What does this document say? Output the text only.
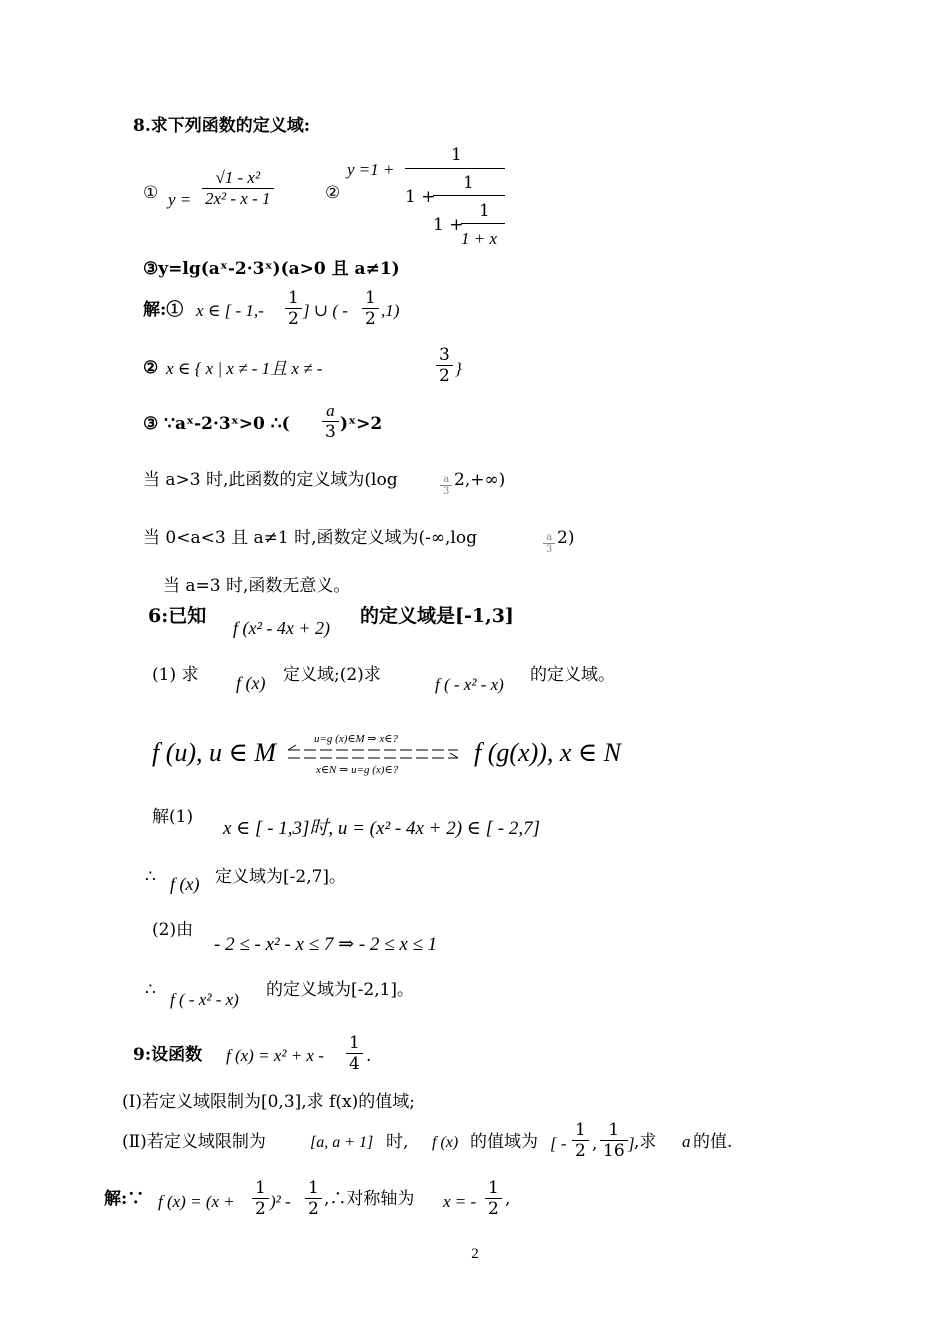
8.求下列函数的定义域:
① $y = \frac{\text{√1 - x²}}{\text{2x² - x - 1}}$	②
y =1 +
1
1 +
1
1 +
1
1 + x
③y=lg(aˣ-2·3ˣ)(a>0 且 a≠1)
解:① x ∈ [ - $1,- \frac{1}{2}$ ] ∪ ( - $\frac{1}{2} ,1$)
② x ∈ { x | x ≠ - 1且 x ≠ -	$\frac{3}{2}$ }
③ ∵aˣ-2·3ˣ>0 ∴( $\frac{a}{3}$ )ˣ>2
当 a>3 时,此函数的定义域为(log	$\frac{a}{3} 2,+\infty$)
当 0<a<3 且 a≠1 时,函数定义域为(-∞,log	$\frac{a}{3} 2$)
当 a=3 时,函数无意义。
6:已知
f (x² - 4x + 2)
的定义域是[-1,3]
(1) 求 f (x) 定义域;(2)求	f ( - x² - x) 的定义域。
f (u), u ∈ M	u=g (x)∈M ⇒ x∈?
x∈N ⇒ u=g (x)∈?
f (g(x)), x ∈ N
解(1)
x ∈ [ - 1,3]时, u = (x² - 4x + 2) ∈ [ - 2,7]
∴ f (x) 定义域为[-2,7]。
(2)由
- 2 ≤ - x² - x ≤ 7 ⇒ - 2 ≤ x ≤ 1
∴ f ( - x² - x) 的定义域为[-2,1]。
9:设函数 f $(x) = x^2 + x - \frac{1}{4}$ .
(Ⅰ)若定义域限制为[0,3],求 f(x)的值域;
(Ⅱ)若定义域限制为	[a, a + 1] 时, f (x) 的值域为 [ - $\frac{1}{2}$ , $\frac{1}{16}$ ] ,求 a 的值.
解:∵ f $(x) = (x + \frac{1}{2} )^2 - \frac{1}{2}$ ,∴对称轴为 x = - $\frac{1}{2}$ ,
2
